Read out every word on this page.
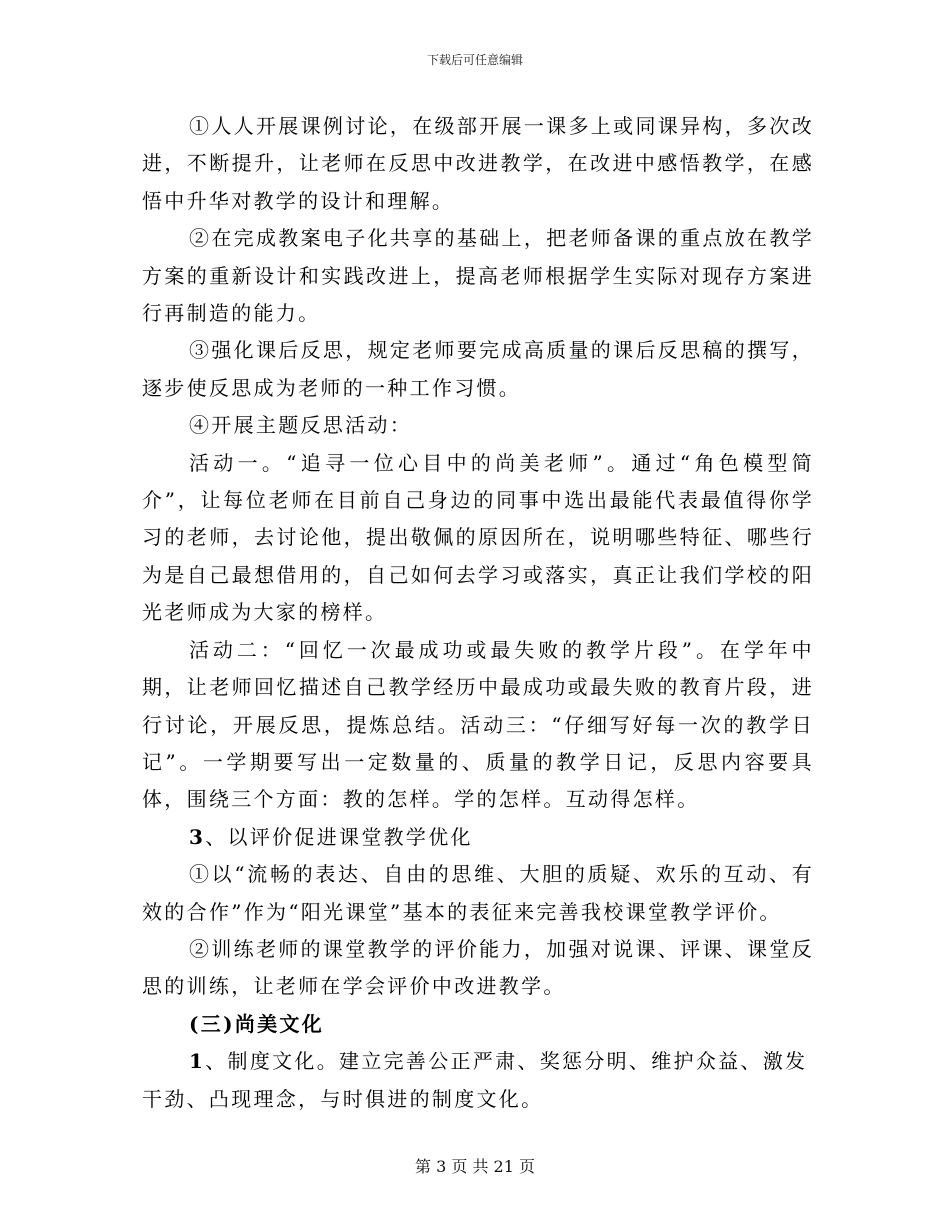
下载后可任意编辑

①人人开展课例讨论，在级部开展一课多上或同课异构，多次改进，不断提升，让老师在反思中改进教学，在改进中感悟教学，在感悟中升华对教学的设计和理解。

②在完成教案电子化共享的基础上，把老师备课的重点放在教学方案的重新设计和实践改进上，提高老师根据学生实际对现存方案进行再制造的能力。

③强化课后反思，规定老师要完成高质量的课后反思稿的撰写，逐步使反思成为老师的一种工作习惯。

④开展主题反思活动：

活动一。“追寻一位心目中的尚美老师”。通过“角色模型简介”，让每位老师在目前自己身边的同事中选出最能代表最值得你学习的老师，去讨论他，提出敬佩的原因所在，说明哪些特征、哪些行为是自己最想借用的，自己如何去学习或落实，真正让我们学校的阳光老师成为大家的榜样。

活动二：“回忆一次最成功或最失败的教学片段”。在学年中期，让老师回忆描述自己教学经历中最成功或最失败的教育片段，进行讨论，开展反思，提炼总结。活动三：“仔细写好每一次的教学日记”。一学期要写出一定数量的、质量的教学日记，反思内容要具体，围绕三个方面：教的怎样。学的怎样。互动得怎样。

3、以评价促进课堂教学优化

①以“流畅的表达、自由的思维、大胆的质疑、欢乐的互动、有效的合作”作为“阳光课堂”基本的表征来完善我校课堂教学评价。

②训练老师的课堂教学的评价能力，加强对说课、评课、课堂反思的训练，让老师在学会评价中改进教学。

(三)尚美文化

1、制度文化。建立完善公正严肃、奖惩分明、维护众益、激发干劲、凸现理念，与时俱进的制度文化。

第 3 页 共 21 页
